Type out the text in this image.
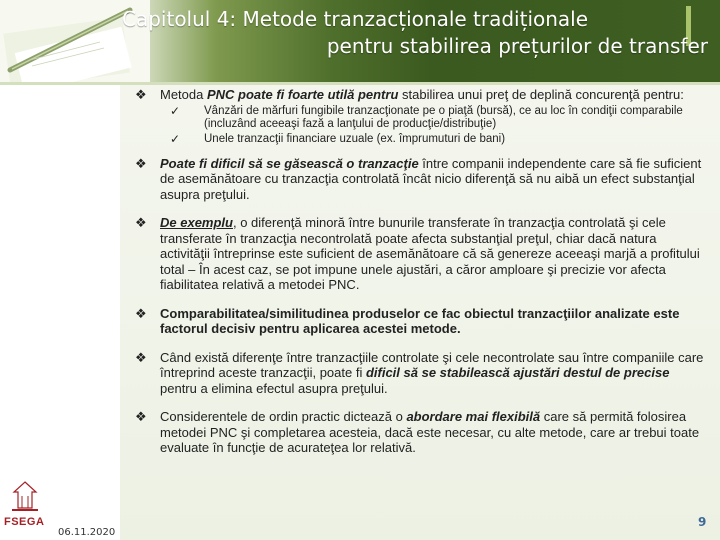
Capitolul 4: Metode tranzacționale tradiționale
pentru stabilirea prețurilor de transfer
❖ Metoda PNC poate fi foarte utilă pentru stabilirea unui preţ de deplină concurenţă pentru:
✓ Vânzări de mărfuri fungibile tranzacţionate pe o piaţă (bursă), ce au loc în condiţii comparabile (incluzând aceeaşi fază a lanţului de producţie/distribuţie)
✓ Unele tranzacţii financiare uzuale (ex. împrumuturi de bani)
❖ Poate fi dificil să se găsească o tranzacţie între companii independente care să fie suficient de asemănătoare cu tranzacţia controlată încât nicio diferenţă să nu aibă un efect substanţial asupra preţului.
❖ De exemplu, o diferenţă minoră între bunurile transferate în tranzacţia controlată şi cele transferate în tranzacţia necontrolată poate afecta substanţial preţul, chiar dacă natura activităţii întreprinse este suficient de asemănătoare că să genereze aceeaşi marjă a profitului total – În acest caz, se pot impune unele ajustări, a căror amploare şi precizie vor afecta fiabilitatea relativă a metodei PNC.
❖ Comparabilitatea/similitudinea produselor ce fac obiectul tranzacţiilor analizate este factorul decisiv pentru aplicarea acestei metode.
❖ Când există diferenţe între tranzacţiile controlate şi cele necontrolate sau între companiile care întreprind aceste tranzacţii, poate fi dificil să se stabilească ajustări destul de precise pentru a elimina efectul asupra preţului.
❖ Considerentele de ordin practic dictează o abordare mai flexibilă care să permită folosirea metodei PNC şi completarea acesteia, dacă este necesar, cu alte metode, care ar trebui toate evaluate în funcţie de acurateţea lor relativă.
FSEGA
06.11.2020
9
